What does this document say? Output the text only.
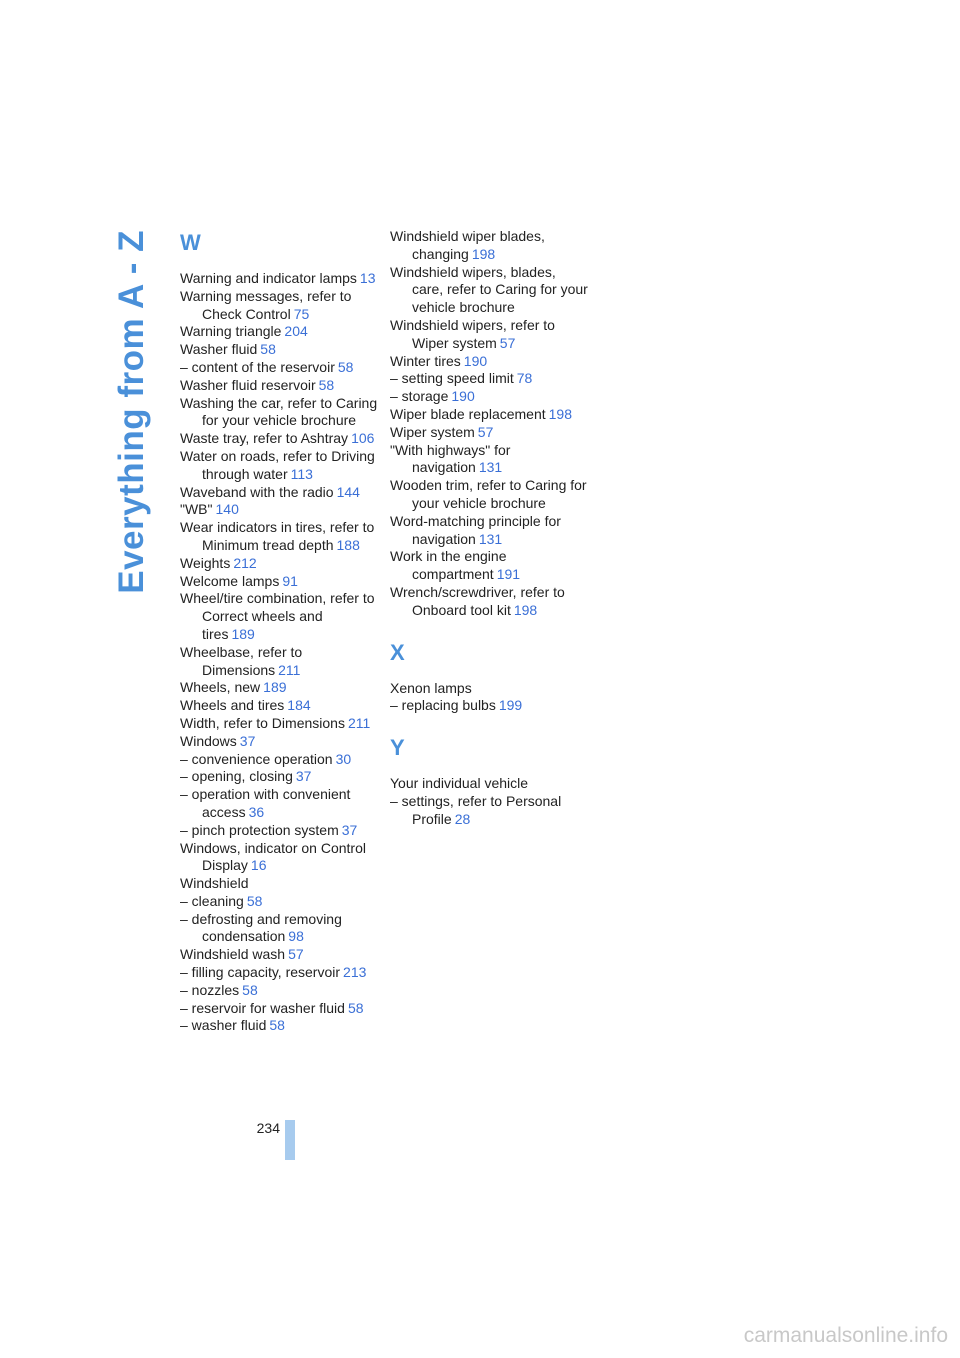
Everything from A - Z W
Warning and indicator lamps 13
Warning messages, refer to Check Control 75
Warning triangle 204
Washer fluid 58
– content of the reservoir 58
Washer fluid reservoir 58
Washing the car, refer to Caring for your vehicle brochure
Waste tray, refer to Ashtray 106
Water on roads, refer to Driving through water 113
Waveband with the radio 144
"WB" 140
Wear indicators in tires, refer to Minimum tread depth 188
Weights 212
Welcome lamps 91
Wheel/tire combination, refer to Correct wheels and tires 189
Wheelbase, refer to Dimensions 211
Wheels, new 189
Wheels and tires 184
Width, refer to Dimensions 211
Windows 37
– convenience operation 30
– opening, closing 37
– operation with convenient access 36
– pinch protection system 37
Windows, indicator on Control Display 16
Windshield
– cleaning 58
– defrosting and removing condensation 98
Windshield wash 57
– filling capacity, reservoir 213
– nozzles 58
– reservoir for washer fluid 58
– washer fluid 58
Windshield wiper blades, changing 198
Windshield wipers, blades, care, refer to Caring for your vehicle brochure
Windshield wipers, refer to Wiper system 57
Winter tires 190
– setting speed limit 78
– storage 190
Wiper blade replacement 198
Wiper system 57
"With highways" for navigation 131
Wooden trim, refer to Caring for your vehicle brochure
Word-matching principle for navigation 131
Work in the engine compartment 191
Wrench/screwdriver, refer to Onboard tool kit 198
X
Xenon lamps
– replacing bulbs 199
Y
Your individual vehicle
– settings, refer to Personal Profile 28
234
carmanualsonline.info
